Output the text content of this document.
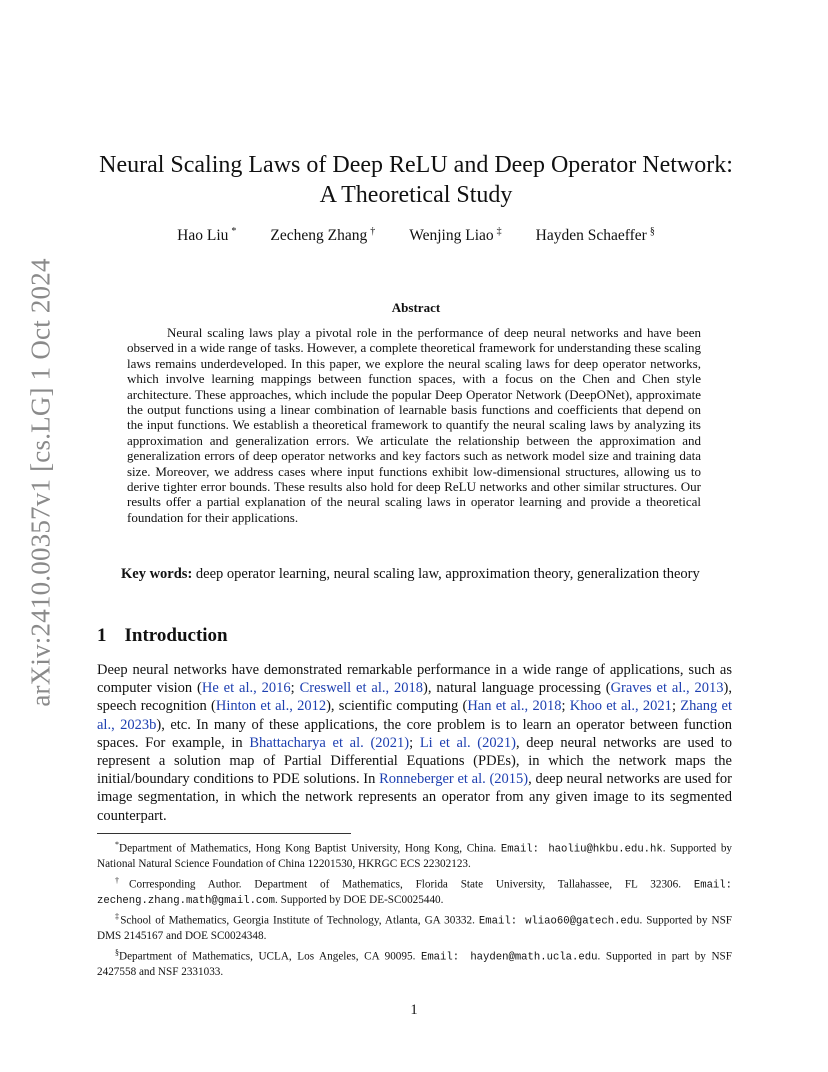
arXiv:2410.00357v1 [cs.LG] 1 Oct 2024
Neural Scaling Laws of Deep ReLU and Deep Operator Network:
A Theoretical Study
Hao Liu * Zecheng Zhang † Wenjing Liao ‡ Hayden Schaeffer §
Abstract

Neural scaling laws play a pivotal role in the performance of deep neural networks and have been observed in a wide range of tasks. However, a complete theoretical framework for understanding these scaling laws remains underdeveloped. In this paper, we explore the neural scaling laws for deep operator networks, which involve learning mappings between function spaces, with a focus on the Chen and Chen style architecture. These approaches, which include the popular Deep Operator Network (DeepONet), approximate the output functions using a linear combination of learnable basis functions and coefficients that depend on the input functions. We establish a theoretical framework to quantify the neural scaling laws by analyzing its approximation and generalization errors. We articulate the relationship between the approximation and generalization errors of deep operator networks and key factors such as network model size and training data size. Moreover, we address cases where input functions exhibit low-dimensional structures, allowing us to derive tighter error bounds. These results also hold for deep ReLU networks and other similar structures. Our results offer a partial explanation of the neural scaling laws in operator learning and provide a theoretical foundation for their applications.

Key words: deep operator learning, neural scaling law, approximation theory, generalization theory

1 Introduction

Deep neural networks have demonstrated remarkable performance in a wide range of applications, such as computer vision (He et al., 2016; Creswell et al., 2018), natural language processing (Graves et al., 2013), speech recognition (Hinton et al., 2012), scientific computing (Han et al., 2018; Khoo et al., 2021; Zhang et al., 2023b), etc. In many of these applications, the core problem is to learn an operator between function spaces. For example, in Bhattacharya et al. (2021); Li et al. (2021), deep neural networks are used to represent a solution map of Partial Differential Equations (PDEs), in which the network maps the initial/boundary conditions to PDE solutions. In Ronneberger et al. (2015), deep neural networks are used for image segmentation, in which the network represents an operator from any given image to its segmented counterpart.

*Department of Mathematics, Hong Kong Baptist University, Hong Kong, China. Email: haoliu@hkbu.edu.hk. Supported by National Natural Science Foundation of China 12201530, HKRGC ECS 22302123.

†Corresponding Author. Department of Mathematics, Florida State University, Tallahassee, FL 32306. Email: zecheng.zhang.math@gmail.com. Supported by DOE DE-SC0025440.

‡School of Mathematics, Georgia Institute of Technology, Atlanta, GA 30332. Email: wliao60@gatech.edu. Supported by NSF DMS 2145167 and DOE SC0024348.

§Department of Mathematics, UCLA, Los Angeles, CA 90095. Email: hayden@math.ucla.edu. Supported in part by NSF 2427558 and NSF 2331033.

1
